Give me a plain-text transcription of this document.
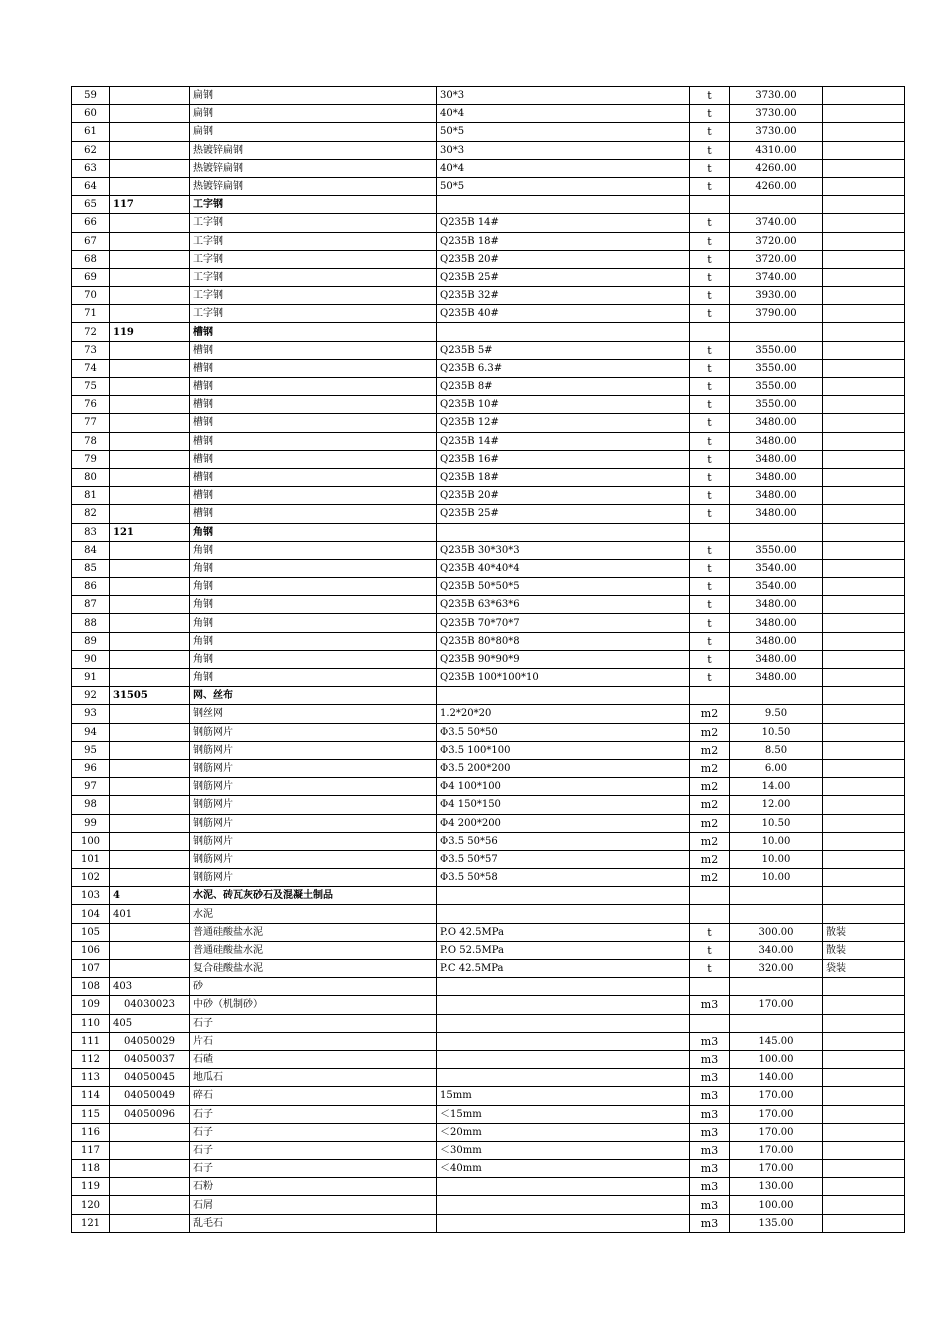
59		扁钢	30*3	t	3730.00	
60		扁钢	40*4	t	3730.00	
61		扁钢	50*5	t	3730.00	
62		热镀锌扁钢	30*3	t	4310.00	
63		热镀锌扁钢	40*4	t	4260.00	
64		热镀锌扁钢	50*5	t	4260.00	
65	117	工字钢				
66		工字钢	Q235B 14#	t	3740.00	
67		工字钢	Q235B 18#	t	3720.00	
68		工字钢	Q235B 20#	t	3720.00	
69		工字钢	Q235B 25#	t	3740.00	
70		工字钢	Q235B 32#	t	3930.00	
71		工字钢	Q235B 40#	t	3790.00	
72	119	槽钢				
73		槽钢	Q235B 5#	t	3550.00	
74		槽钢	Q235B 6.3#	t	3550.00	
75		槽钢	Q235B 8#	t	3550.00	
76		槽钢	Q235B 10#	t	3550.00	
77		槽钢	Q235B 12#	t	3480.00	
78		槽钢	Q235B 14#	t	3480.00	
79		槽钢	Q235B 16#	t	3480.00	
80		槽钢	Q235B 18#	t	3480.00	
81		槽钢	Q235B 20#	t	3480.00	
82		槽钢	Q235B 25#	t	3480.00	
83	121	角钢				
84		角钢	Q235B 30*30*3	t	3550.00	
85		角钢	Q235B 40*40*4	t	3540.00	
86		角钢	Q235B 50*50*5	t	3540.00	
87		角钢	Q235B 63*63*6	t	3480.00	
88		角钢	Q235B 70*70*7	t	3480.00	
89		角钢	Q235B 80*80*8	t	3480.00	
90		角钢	Q235B 90*90*9	t	3480.00	
91		角钢	Q235B 100*100*10	t	3480.00	
92	31505	网、丝布				
93		钢丝网	1.2*20*20	m2	9.50	
94		钢筋网片	Φ3.5 50*50	m2	10.50	
95		钢筋网片	Φ3.5 100*100	m2	8.50	
96		钢筋网片	Φ3.5 200*200	m2	6.00	
97		钢筋网片	Φ4 100*100	m2	14.00	
98		钢筋网片	Φ4 150*150	m2	12.00	
99		钢筋网片	Φ4 200*200	m2	10.50	
100		钢筋网片	Φ3.5 50*56	m2	10.00	
101		钢筋网片	Φ3.5 50*57	m2	10.00	
102		钢筋网片	Φ3.5 50*58	m2	10.00	
103	4	水泥、砖瓦灰砂石及混凝土制品				
104	401	水泥				
105		普通硅酸盐水泥	P.O 42.5MPa	t	300.00	散装
106		普通硅酸盐水泥	P.O 52.5MPa	t	340.00	散装
107		复合硅酸盐水泥	P.C 42.5MPa	t	320.00	袋装
108	403	砂				
109	04030023	中砂（机制砂）		m3	170.00	
110	405	石子				
111	04050029	片石		m3	145.00	
112	04050037	石碴		m3	100.00	
113	04050045	地瓜石		m3	140.00	
114	04050049	碎石	15mm	m3	170.00	
115	04050096	石子	＜15mm	m3	170.00	
116		石子	＜20mm	m3	170.00	
117		石子	＜30mm	m3	170.00	
118		石子	＜40mm	m3	170.00	
119		石粉		m3	130.00	
120		石屑		m3	100.00	
121		乱毛石		m3	135.00	
